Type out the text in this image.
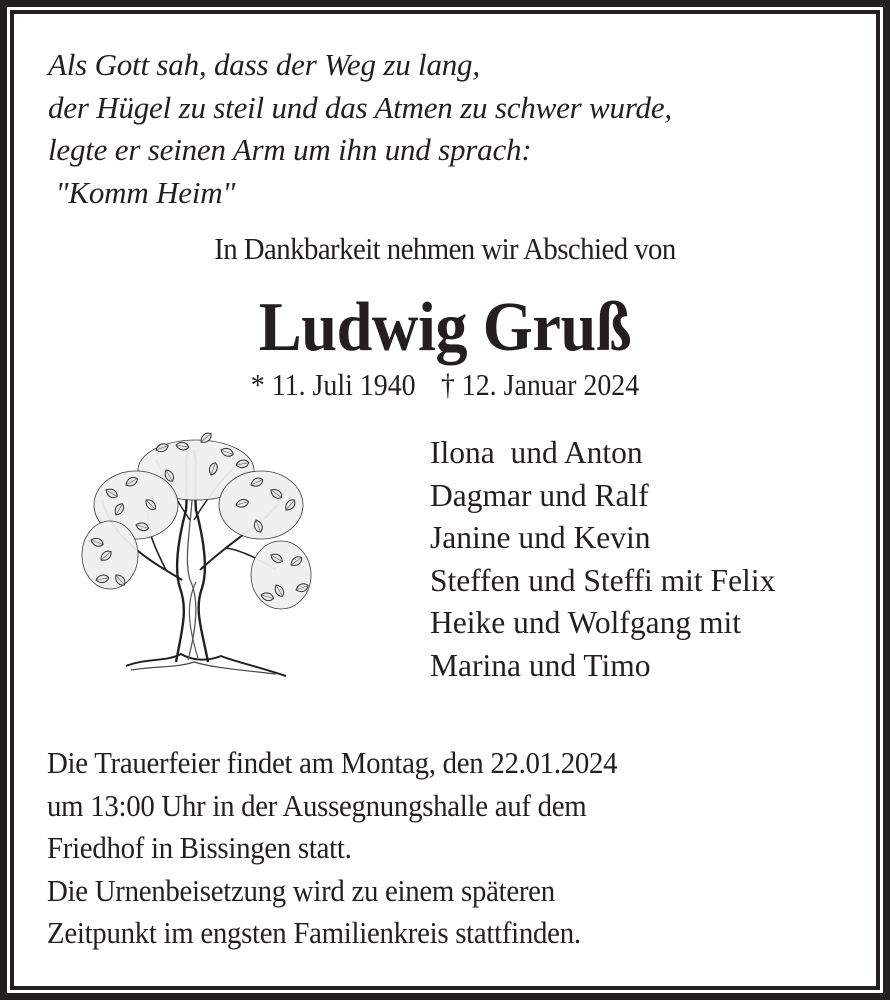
Als Gott sah, dass der Weg zu lang,
der Hügel zu steil und das Atmen zu schwer wurde,
legte er seinen Arm um ihn und sprach:
"Komm Heim"
In Dankbarkeit nehmen wir Abschied von
Ludwig Gruß
* 11. Juli 1940 † 12. Januar 2024
Ilona  und Anton
Dagmar und Ralf
Janine und Kevin
Steffen und Steffi mit Felix
Heike und Wolfgang mit
Marina und Timo
Die Trauerfeier findet am Montag, den 22.01.2024
um 13:00 Uhr in der Aussegnungshalle auf dem
Friedhof in Bissingen statt.
Die Urnenbeisetzung wird zu einem späteren
Zeitpunkt im engsten Familienkreis stattfinden.
